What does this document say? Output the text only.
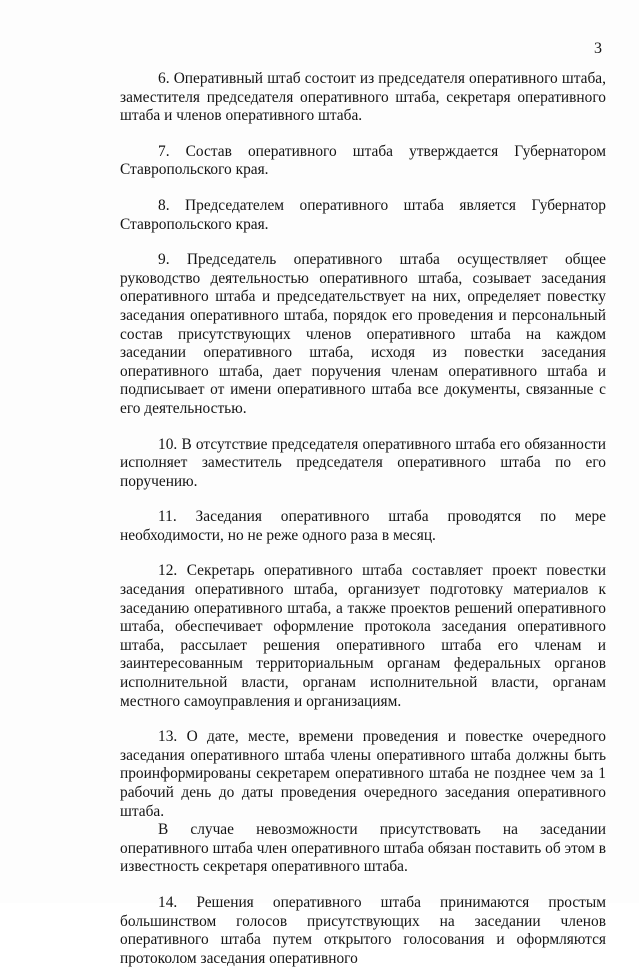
3

6. Оперативный штаб состоит из председателя оперативного штаба, заместителя председателя оперативного штаба, секретаря оперативного штаба и членов оперативного штаба.

7. Состав оперативного штаба утверждается Губернатором Ставропольского края.

8. Председателем оперативного штаба является Губернатор Ставропольского края.

9. Председатель оперативного штаба осуществляет общее руководство деятельностью оперативного штаба, созывает заседания оперативного штаба и председательствует на них, определяет повестку заседания оперативного штаба, порядок его проведения и персональный состав присутствующих членов оперативного штаба на каждом заседании оперативного штаба, исходя из повестки заседания оперативного штаба, дает поручения членам оперативного штаба и подписывает от имени оперативного штаба все документы, связанные с его деятельностью.

10. В отсутствие председателя оперативного штаба его обязанности исполняет заместитель председателя оперативного штаба по его поручению.

11. Заседания оперативного штаба проводятся по мере необходимости, но не реже одного раза в месяц.

12. Секретарь оперативного штаба составляет проект повестки заседания оперативного штаба, организует подготовку материалов к заседанию оперативного штаба, а также проектов решений оперативного штаба, обеспечивает оформление протокола заседания оперативного штаба, рассылает решения оперативного штаба его членам и заинтересованным территориальным органам федеральных органов исполнительной власти, органам исполнительной власти, органам местного самоуправления и организациям.

13. О дате, месте, времени проведения и повестке очередного заседания оперативного штаба члены оперативного штаба должны быть проинформированы секретарем оперативного штаба не позднее чем за 1 рабочий день до даты проведения очередного заседания оперативного штаба.

В случае невозможности присутствовать на заседании оперативного штаба член оперативного штаба обязан поставить об этом в известность секретаря оперативного штаба.

14. Решения оперативного штаба принимаются простым большинством голосов присутствующих на заседании членов оперативного штаба путем открытого голосования и оформляются протоколом заседания оперативного
